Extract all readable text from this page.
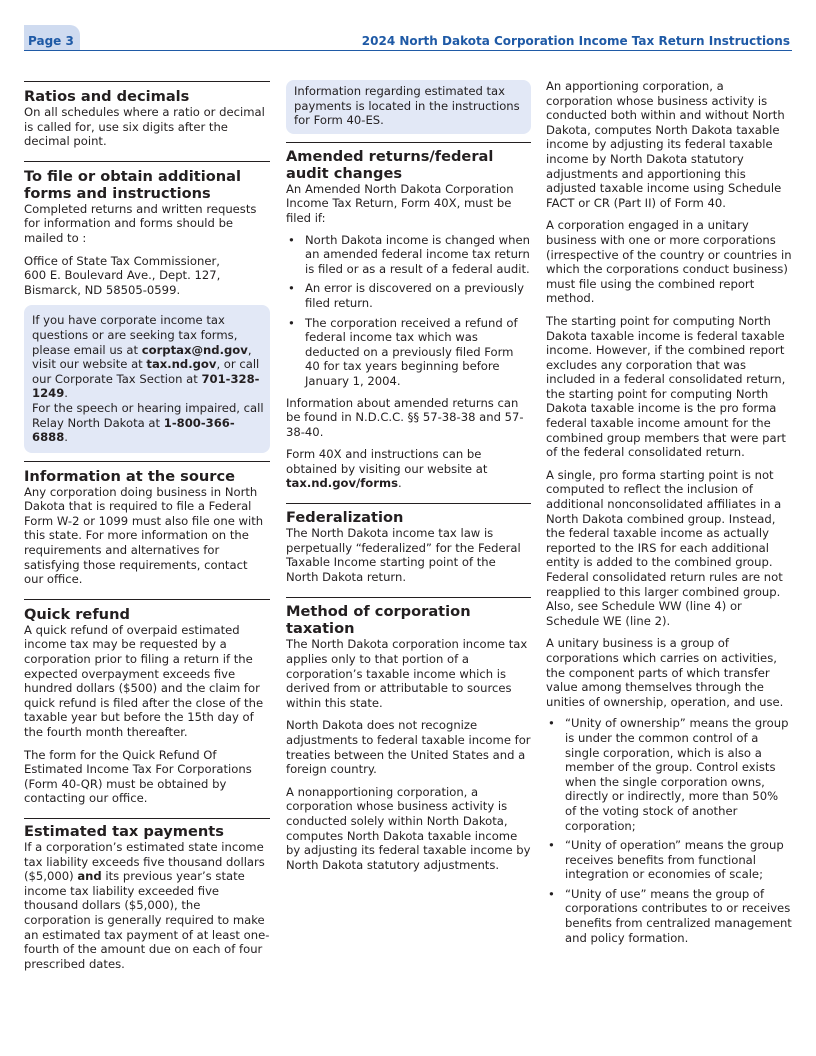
Page 3	2024 North Dakota Corporation Income Tax Return Instructions
Ratios and decimals

On all schedules where a ratio or decimal is called for, use six digits after the decimal point.

To file or obtain additional forms and instructions

Completed returns and written requests for information and forms should be mailed to :

Office of State Tax Commissioner,
600 E. Boulevard Ave., Dept. 127,
Bismarck, ND 58505-0599.

If you have corporate income tax questions or are seeking tax forms, please email us at corptax@nd.gov, visit our website at tax.nd.gov, or call our Corporate Tax Section at 701-328-1249.
For the speech or hearing impaired, call Relay North Dakota at 1-800-366-6888.

Information at the source

Any corporation doing business in North Dakota that is required to file a Federal Form W-2 or 1099 must also file one with this state. For more information on the requirements and alternatives for satisfying those requirements, contact our office.

Quick refund

A quick refund of overpaid estimated income tax may be requested by a corporation prior to filing a return if the expected overpayment exceeds five hundred dollars ($500) and the claim for quick refund is filed after the close of the taxable year but before the 15th day of the fourth month thereafter.

The form for the Quick Refund Of Estimated Income Tax For Corporations (Form 40-QR) must be obtained by contacting our office.

Estimated tax payments

If a corporation’s estimated state income tax liability exceeds five thousand dollars ($5,000) and its previous year’s state income tax liability exceeded five thousand dollars ($5,000), the corporation is generally required to make an estimated tax payment of at least one-fourth of the amount due on each of four prescribed dates.

Information regarding estimated tax payments is located in the instructions for Form 40-ES.

Amended returns/federal audit changes

An Amended North Dakota Corporation Income Tax Return, Form 40X, must be filed if:

• North Dakota income is changed when an amended federal income tax return is filed or as a result of a federal audit.
• An error is discovered on a previously filed return.
• The corporation received a refund of federal income tax which was deducted on a previously filed Form 40 for tax years beginning before January 1, 2004.

Information about amended returns can be found in N.D.C.C. §§ 57-38-38 and 57-38-40.

Form 40X and instructions can be obtained by visiting our website at tax.nd.gov/forms.

Federalization

The North Dakota income tax law is perpetually “federalized” for the Federal Taxable Income starting point of the North Dakota return.

Method of corporation taxation

The North Dakota corporation income tax applies only to that portion of a corporation’s taxable income which is derived from or attributable to sources within this state.

North Dakota does not recognize adjustments to federal taxable income for treaties between the United States and a foreign country.

A nonapportioning corporation, a corporation whose business activity is conducted solely within North Dakota, computes North Dakota taxable income by adjusting its federal taxable income by North Dakota statutory adjustments.

An apportioning corporation, a corporation whose business activity is conducted both within and without North Dakota, computes North Dakota taxable income by adjusting its federal taxable income by North Dakota statutory adjustments and apportioning this adjusted taxable income using Schedule FACT or CR (Part II) of Form 40.

A corporation engaged in a unitary business with one or more corporations (irrespective of the country or countries in which the corporations conduct business) must file using the combined report method.

The starting point for computing North Dakota taxable income is federal taxable income. However, if the combined report excludes any corporation that was included in a federal consolidated return, the starting point for computing North Dakota taxable income is the pro forma federal taxable income amount for the combined group members that were part of the federal consolidated return.

A single, pro forma starting point is not computed to reflect the inclusion of additional nonconsolidated affiliates in a North Dakota combined group. Instead, the federal taxable income as actually reported to the IRS for each additional entity is added to the combined group. Federal consolidated return rules are not reapplied to this larger combined group. Also, see Schedule WW (line 4) or Schedule WE (line 2).

A unitary business is a group of corporations which carries on activities, the component parts of which transfer value among themselves through the unities of ownership, operation, and use.

• “Unity of ownership” means the group is under the common control of a single corporation, which is also a member of the group. Control exists when the single corporation owns, directly or indirectly, more than 50% of the voting stock of another corporation;
• “Unity of operation” means the group receives benefits from functional integration or economies of scale;
• “Unity of use” means the group of corporations contributes to or receives benefits from centralized management and policy formation.
